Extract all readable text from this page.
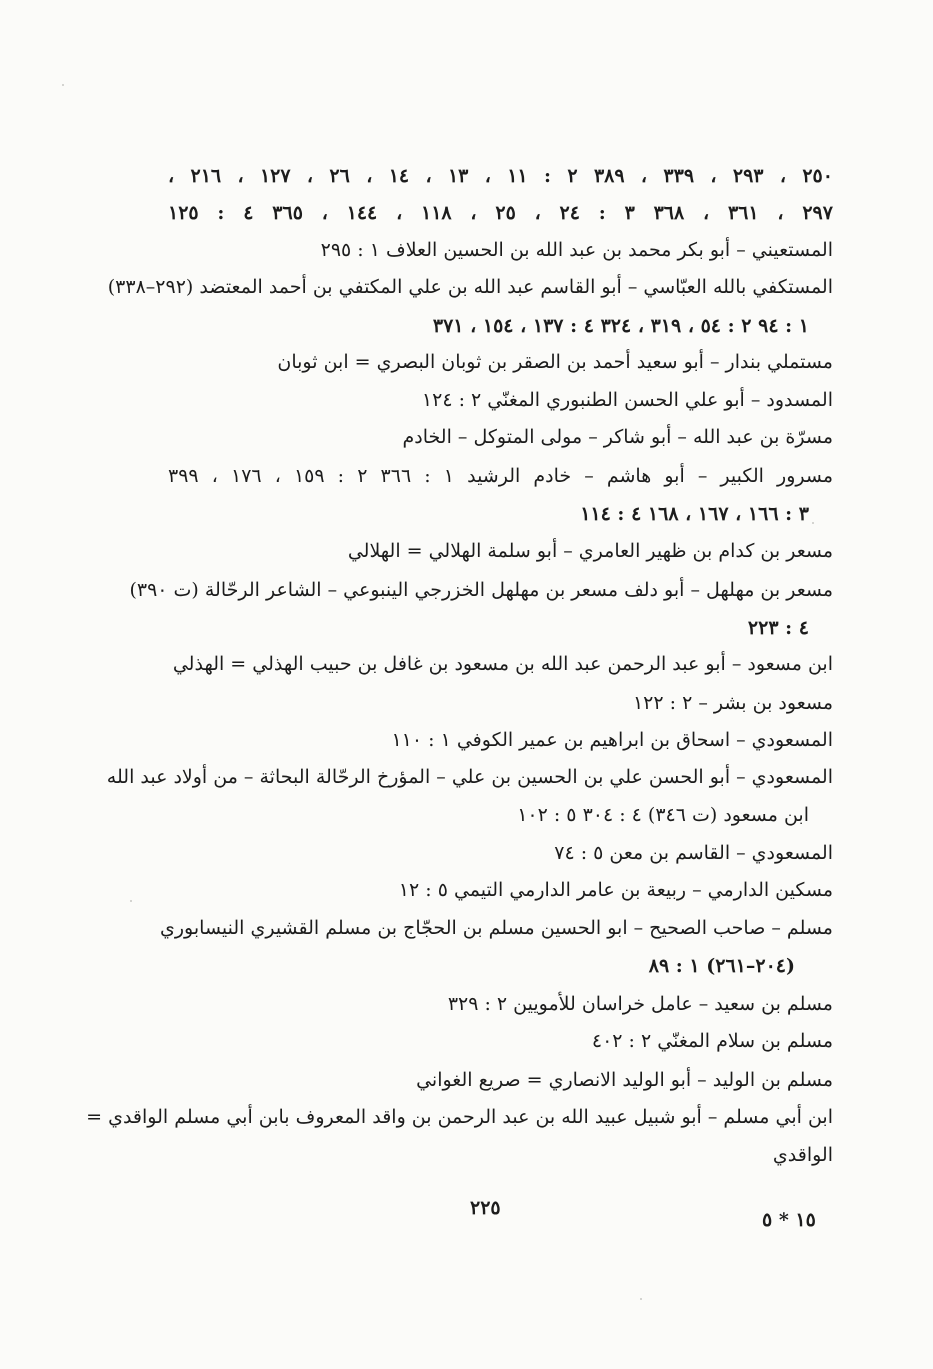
٢٥٠ ، ٢٩٣ ، ٣٣٩ ، ٣٨٩ ٢ : ١١ ، ١٣ ، ١٤ ، ٢٦ ، ١٢٧ ، ٢١٦ ،
٢٩٧ ، ٣٦١ ، ٣٦٨ ٣ : ٢٤ ، ٢٥ ، ١١٨ ، ١٤٤ ، ٣٦٥ ٤ : ١٢٥
المستعيني – أبو بكر محمد بن عبد الله بن الحسين العلاف ١ : ٢٩٥
المستكفي بالله العبّاسي – أبو القاسم عبد الله بن علي المكتفي بن أحمد المعتضد (٢٩٢–٣٣٨)
١ : ٩٤ ٢ : ٥٤ ، ٣١٩ ، ٣٢٤ ٤ : ١٣٧ ، ١٥٤ ، ٣٧١
مستملي بندار – أبو سعيد أحمد بن الصقر بن ثوبان البصري = ابن ثوبان
المسدود – أبو علي الحسن الطنبوري المغنّي ٢ : ١٢٤
مسرّة بن عبد الله – أبو شاكر – مولى المتوكل – الخادم
مسرور الكبير – أبو هاشم – خادم الرشيد ١ : ٣٦٦ ٢ : ١٥٩ ، ١٧٦ ، ٣٩٩
٣ : ١٦٦ ، ١٦٧ ، ١٦٨ ٤ : ١١٤
مسعر بن كدام بن ظهير العامري – أبو سلمة الهلالي = الهلالي
مسعر بن مهلهل – أبو دلف مسعر بن مهلهل الخزرجي الينبوعي – الشاعر الرحّالة (ت ٣٩٠)
٤ : ٢٢٣
ابن مسعود – أبو عبد الرحمن عبد الله بن مسعود بن غافل بن حبيب الهذلي = الهذلي
مسعود بن بشر – ٢ : ١٢٢
المسعودي – اسحاق بن ابراهيم بن عمير الكوفي ١ : ١١٠
المسعودي – أبو الحسن علي بن الحسين بن علي – المؤرخ الرحّالة البحاثة – من أولاد عبد الله
ابن مسعود (ت ٣٤٦) ٤ : ٣٠٤ ٥ : ١٠٢
المسعودي – القاسم بن معن ٥ : ٧٤
مسكين الدارمي – ربيعة بن عامر الدارمي التيمي ٥ : ١٢
مسلم – صاحب الصحيح – ابو الحسين مسلم بن الحجّاج بن مسلم القشيري النيسابوري
(٢٠٤–٢٦١) ١ : ٨٩
مسلم بن سعيد – عامل خراسان للأمويين ٢ : ٣٢٩
مسلم بن سلام المغنّي ٢ : ٤٠٢
مسلم بن الوليد – أبو الوليد الانصاري = صريع الغواني
ابن أبي مسلم – أبو شبيل عبيد الله بن عبد الرحمن بن واقد المعروف بابن أبي مسلم الواقدي =
الواقدي
٢٢٥
١٥ * ٥
